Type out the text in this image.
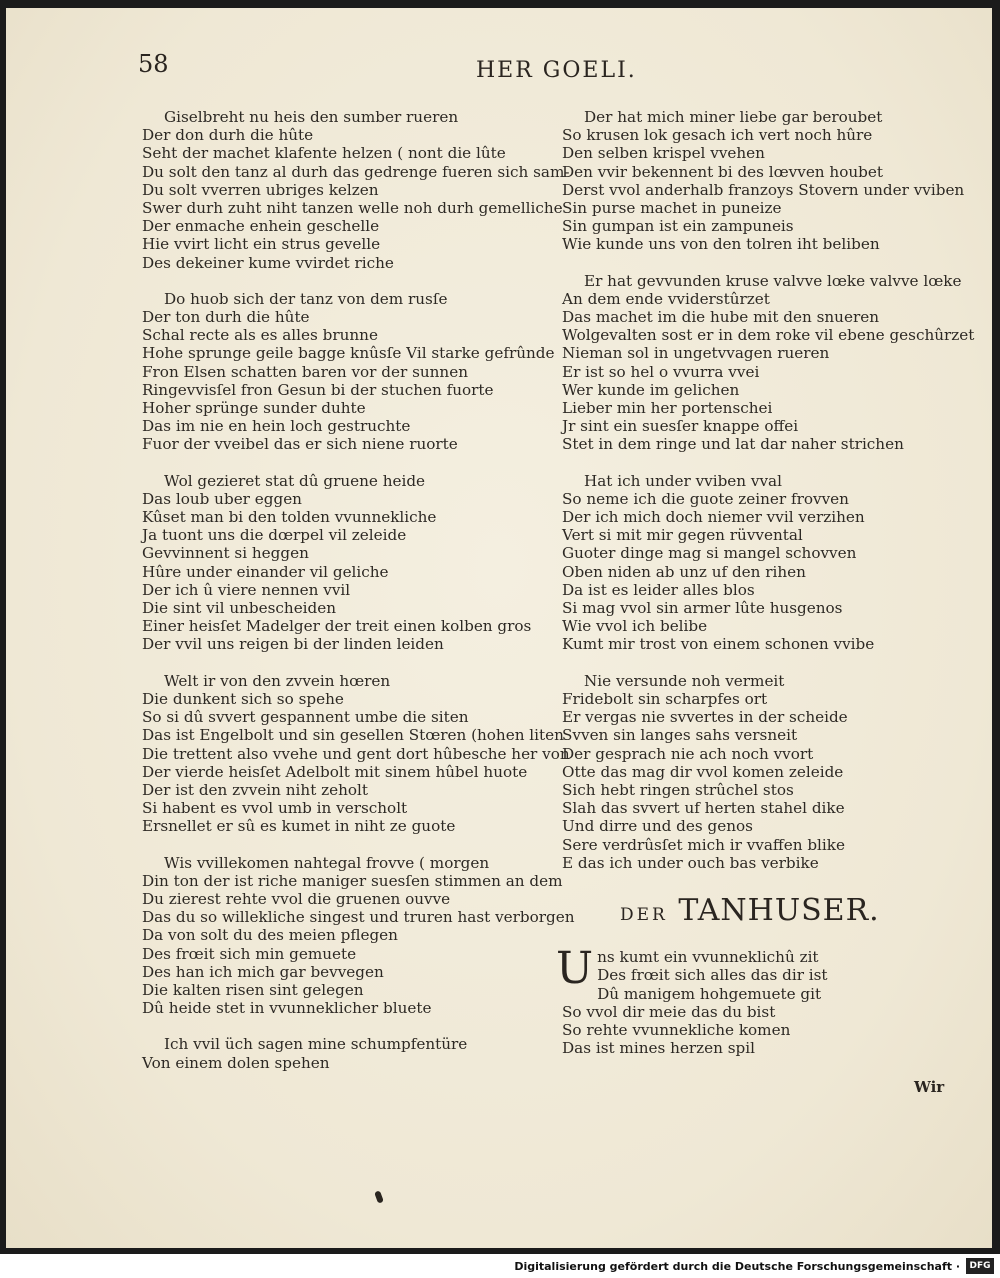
58	HER GOELI.
Giselbreht nu heis den sumber rueren
Der don durh die hûte
Seht der machet klafente helzen ( nont die lûte
Du solt den tanz al durh das gedrenge fueren sich sam-
Du solt vverren ubriges kelzen
Swer durh zuht niht tanzen welle noh durh gemelliche
Der enmache enhein geschelle
Hie vvirt licht ein strus gevelle
Des dekeiner kume vvirdet riche
Do huob sich der tanz von dem rusſe
Der ton durh die hûte
Schal recte als es alles brunne
Hohe sprunge geile bagge knûsſe Vil starke gefrûnde
Fron Elsen schatten baren vor der sunnen
Ringevvisſel fron Gesun bi der stuchen fuorte
Hoher sprünge sunder duhte
Das im nie en hein loch gestruchte
Fuor der vveibel das er sich niene ruorte
Wol gezieret stat dû gruene heide
Das loub uber eggen
Kûset man bi den tolden vvunnekliche
Ja tuont uns die dœrpel vil zeleide
Gevvinnent si heggen
Hûre under einander vil geliche
Der ich û viere nennen vvil
Die sint vil unbescheiden
Einer heisſet Madelger der treit einen kolben gros
Der vvil uns reigen bi der linden leiden
Welt ir von den zvvein hœren
Die dunkent sich so spehe
So si dû svvert gespannent umbe die siten
Das ist Engelbolt und sin gesellen Stœren (hohen liten
Die trettent also vvehe und gent dort hûbesche her von
Der vierde heisſet Adelbolt mit sinem hûbel huote
Der ist den zvvein niht zeholt
Si habent es vvol umb in verscholt
Ersnellet er sû es kumet in niht ze guote
Wis vvillekomen nahtegal frovve ( morgen
Din ton der ist riche maniger suesſen stimmen an dem
Du zierest rehte vvol die gruenen ouvve
Das du so willekliche singest und truren hast verborgen
Da von solt du des meien pflegen
Des frœit sich min gemuete
Des han ich mich gar bevvegen
Die kalten risen sint gelegen
Dû heide stet in vvunneklicher bluete
Ich vvil üch sagen mine schumpfentüre
Von einem dolen spehen
Der hat mich miner liebe gar beroubet
So krusen lok gesach ich vert noch hûre
Den selben krispel vvehen
Den vvir bekennent bi des lœvven houbet
Derst vvol anderhalb franzoys Stovern under vviben
Sin purse machet in puneize
Sin gumpan ist ein zampuneis
Wie kunde uns von den tolren iht beliben
Er hat gevvunden kruse valvve lœke valvve lœke
An dem ende vviderstûrzet
Das machet im die hube mit den snueren
Wolgevalten sost er in dem roke vil ebene geschûrzet
Nieman sol in ungetvvagen rueren
Er ist so hel o vvurra vvei
Wer kunde im gelichen
Lieber min her portenschei
Jr sint ein suesſer knappe offei
Stet in dem ringe und lat dar naher strichen
Hat ich under vviben vval
So neme ich die guote zeiner frovven
Der ich mich doch niemer vvil verzihen
Vert si mit mir gegen rüvvental
Guoter dinge mag si mangel schovven
Oben niden ab unz uf den rihen
Da ist es leider alles blos
Si mag vvol sin armer lûte husgenos
Wie vvol ich belibe
Kumt mir trost von einem schonen vvibe
Nie versunde noh vermeit
Fridebolt sin scharpfes ort
Er vergas nie svvertes in der scheide
Svven sin langes sahs versneit
Der gesprach nie ach noch vvort
Otte das mag dir vvol komen zeleide
Sich hebt ringen strûchel stos
Slah das svvert uf herten stahel dike
Und dirre und des genos
Sere verdrûsſet mich ir vvaffen blike
E das ich under ouch bas verbike
DER TANHUSER.
U ns kumt ein vvunneklichû zit
Des frœit sich alles das dir ist
Dû manigem hohgemuete git
So vvol dir meie das du bist
So rehte vvunnekliche komen
Das ist mines herzen spil
Wir
Digitalisierung gefördert durch die Deutsche Forschungsgemeinschaft ·	DFG
